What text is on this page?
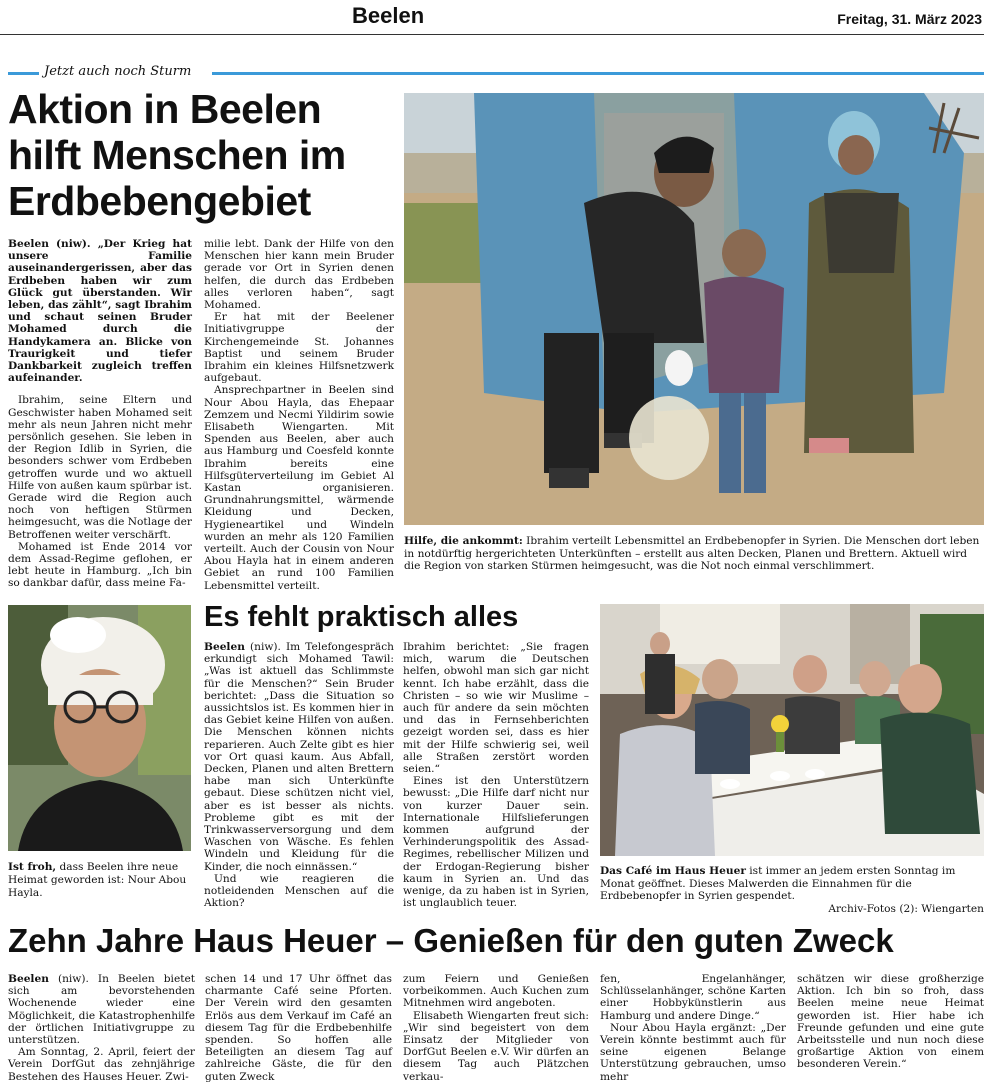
Beelen	Freitag, 31. März 2023
Jetzt auch noch Sturm
Aktion in Beelen
hilft Menschen im
Erdbebengebiet

Beelen (niw). „Der Krieg hat unsere Familie auseinandergerissen, aber das Erdbeben haben wir zum Glück gut überstanden. Wir leben, das zählt“, sagt Ibrahim und schaut seinen Bruder Mohamed durch die Handykamera an. Blicke von Traurigkeit und tiefer Dankbarkeit zugleich treffen aufeinander.

Ibrahim, seine Eltern und Geschwister haben Mohamed seit mehr als neun Jahren nicht mehr persönlich gesehen. Sie leben in der Region Idlib in Syrien, die besonders schwer vom Erdbeben getroffen wurde und wo aktuell Hilfe von außen kaum spürbar ist. Gerade wird die Region auch noch von heftigen Stürmen heimgesucht, was die Notlage der Betroffenen weiter verschärft.

Mohamed ist Ende 2014 vor dem Assad-Regime geflohen, er lebt heute in Hamburg. „Ich bin so dankbar dafür, dass meine Fa-

milie lebt. Dank der Hilfe von den Menschen hier kann mein Bruder gerade vor Ort in Syrien denen helfen, die durch das Erdbeben alles verloren haben“, sagt Mohamed.

Er hat mit der Beelener Initiativgruppe der Kirchengemeinde St. Johannes Baptist und seinem Bruder Ibrahim ein kleines Hilfsnetzwerk aufgebaut.

Ansprechpartner in Beelen sind Nour Abou Hayla, das Ehepaar Zemzem und Necmi Yildirim sowie Elisabeth Wiengarten. Mit Spenden aus Beelen, aber auch aus Hamburg und Coesfeld konnte Ibrahim bereits eine Hilfsgüterverteilung im Gebiet Al Kastan organisieren. Grundnahrungsmittel, wärmende Kleidung und Decken, Hygieneartikel und Windeln wurden an mehr als 120 Familien verteilt. Auch der Cousin von Nour Abou Hayla hat in einem anderen Gebiet an rund 100 Familien Lebensmittel verteilt.

Hilfe, die ankommt: Ibrahim verteilt Lebensmittel an Erdbebenopfer in Syrien. Die Menschen dort leben in notdürftig hergerichteten Unterkünften – erstellt aus alten Decken, Planen und Brettern. Aktuell wird die Region von starken Stürmen heimgesucht, was die Not noch einmal verschlimmert.
Ist froh, dass Beelen ihre neue Heimat geworden ist: Nour Abou Hayla.
Es fehlt praktisch alles

Beelen (niw). Im Telefongespräch erkundigt sich Mohamed Tawil: „Was ist aktuell das Schlimmste für die Menschen?“ Sein Bruder berichtet: „Dass die Situation so aussichtslos ist. Es kommen hier in das Gebiet keine Hilfen von außen. Die Menschen können nichts reparieren. Auch Zelte gibt es hier vor Ort quasi kaum. Aus Abfall, Decken, Planen und alten Brettern habe man sich Unterkünfte gebaut. Diese schützen nicht viel, aber es ist besser als nichts. Probleme gibt es mit der Trinkwasserversorgung und dem Waschen von Wäsche. Es fehlen Windeln und Kleidung für die Kinder, die noch einnässen.“

Und wie reagieren die notleidenden Menschen auf die Aktion?

Ibrahim berichtet: „Sie fragen mich, warum die Deutschen helfen, obwohl man sich gar nicht kennt. Ich habe erzählt, dass die Christen – so wie wir Muslime – auch für andere da sein möchten und das in Fernsehberichten gezeigt worden sei, dass es hier mit der Hilfe schwierig sei, weil alle Straßen zerstört worden seien.“

Eines ist den Unterstützern bewusst: „Die Hilfe darf nicht nur von kurzer Dauer sein. Internationale Hilfslieferungen kommen aufgrund der Verhinderungspolitik des Assad-Regimes, rebellischer Milizen und der Erdogan-Regierung bisher kaum in Syrien an. Und das wenige, da zu haben ist in Syrien, ist unglaublich teuer.

Das Café im Haus Heuer ist immer an jedem ersten Sonntag im Monat geöffnet. Dieses Malwerden die Einnahmen für die Erdbebenopfer in Syrien gespendet.
Archiv-Fotos (2): Wiengarten
Zehn Jahre Haus Heuer – Genießen für den guten Zweck

Beelen (niw). In Beelen bietet sich am bevorstehenden Wochenende wieder eine Möglichkeit, die Katastrophenhilfe der örtlichen Initiativgruppe zu unterstützen.

Am Sonntag, 2. April, feiert der Verein DorfGut das zehnjährige Bestehen des Hauses Heuer. Zwi-

schen 14 und 17 Uhr öffnet das charmante Café seine Pforten. Der Verein wird den gesamten Erlös aus dem Verkauf im Café an diesem Tag für die Erdbebenhilfe spenden. So hoffen alle Beteiligten an diesem Tag auf zahlreiche Gäste, die für den guten Zweck

zum Feiern und Genießen vorbeikommen. Auch Kuchen zum Mitnehmen wird angeboten.

Elisabeth Wiengarten freut sich: „Wir sind begeistert von dem Einsatz der Mitglieder von DorfGut Beelen e.V. Wir dürfen an diesem Tag auch Plätzchen verkau-

fen, Engelanhänger, Schlüsselanhänger, schöne Karten einer Hobbykünstlerin aus Hamburg und andere Dinge.“

Nour Abou Hayla ergänzt: „Der Verein könnte bestimmt auch für seine eigenen Belange Unterstützung gebrauchen, umso mehr

schätzen wir diese großherzige Aktion. Ich bin so froh, dass Beelen meine neue Heimat geworden ist. Hier habe ich Freunde gefunden und eine gute Arbeitsstelle und nun noch diese großartige Aktion von einem besonderen Verein.“
